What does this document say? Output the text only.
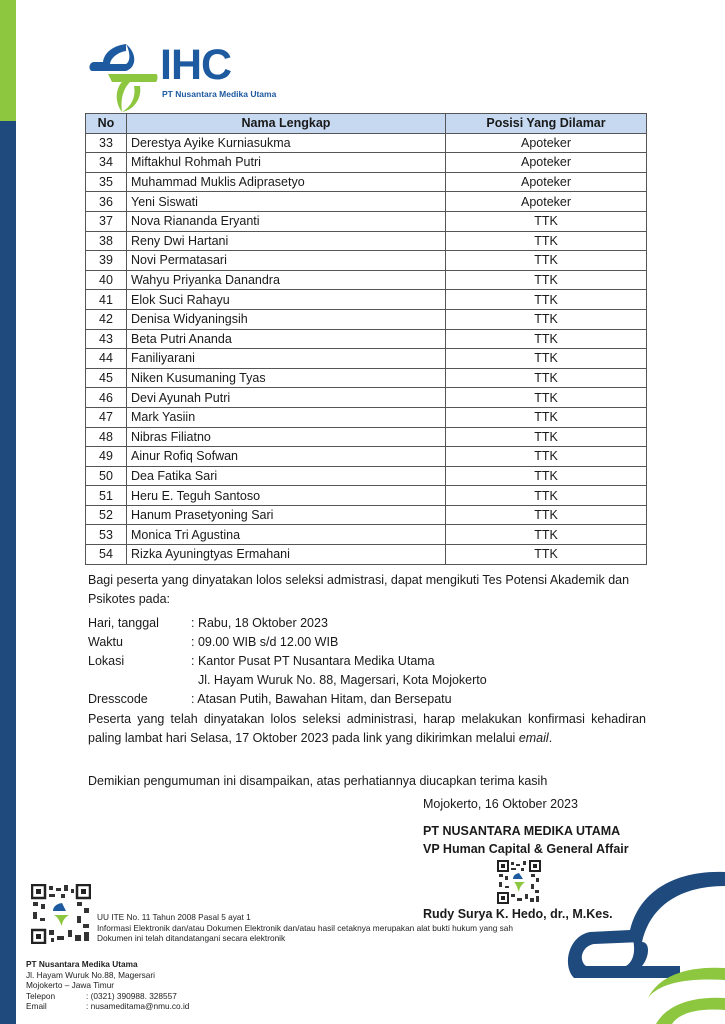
IHC
PT Nusantara Medika Utama
No	Nama Lengkap	Posisi Yang Dilamar
33	Derestya Ayike Kurniasukma	Apoteker
34	Miftakhul Rohmah Putri	Apoteker
35	Muhammad Muklis Adiprasetyo	Apoteker
36	Yeni Siswati	Apoteker
37	Nova Riananda Eryanti	TTK
38	Reny Dwi Hartani	TTK
39	Novi Permatasari	TTK
40	Wahyu Priyanka Danandra	TTK
41	Elok Suci Rahayu	TTK
42	Denisa Widyaningsih	TTK
43	Beta Putri Ananda	TTK
44	Faniliyarani	TTK
45	Niken Kusumaning Tyas	TTK
46	Devi Ayunah Putri	TTK
47	Mark Yasiin	TTK
48	Nibras Filiatno	TTK
49	Ainur Rofiq Sofwan	TTK
50	Dea Fatika Sari	TTK
51	Heru E. Teguh Santoso	TTK
52	Hanum Prasetyoning Sari	TTK
53	Monica Tri Agustina	TTK
54	Rizka Ayuningtyas Ermahani	TTK
Bagi peserta yang dinyatakan lolos seleksi admistrasi, dapat mengikuti Tes Potensi Akademik dan Psikotes pada:
Hari, tanggal	: Rabu, 18 Oktober 2023
Waktu	: 09.00 WIB s/d 12.00 WIB
Lokasi	: Kantor Pusat PT Nusantara Medika Utama
Jl. Hayam Wuruk No. 88, Magersari, Kota Mojokerto
Dresscode	: Atasan Putih, Bawahan Hitam, dan Bersepatu
Peserta yang telah dinyatakan lolos seleksi administrasi, harap melakukan konfirmasi kehadiran paling lambat hari Selasa, 17 Oktober 2023 pada link yang dikirimkan melalui email.
Demikian pengumuman ini disampaikan, atas perhatiannya diucapkan terima kasih
Mojokerto, 16 Oktober 2023
PT NUSANTARA MEDIKA UTAMA
VP Human Capital & General Affair
Rudy Surya K. Hedo, dr., M.Kes.
UU ITE No. 11 Tahun 2008 Pasal 5 ayat 1
Informasi Elektronik dan/atau Dokumen Elektronik dan/atau hasil cetaknya merupakan alat bukti hukum yang sah
Dokumen ini telah ditandatangani secara elektronik
PT Nusantara Medika Utama
Jl. Hayam Wuruk No.88, Magersari
Mojokerto – Jawa Timur
Telepon	: (0321) 390988. 328557
Email	: nusameditama@nmu.co.id
